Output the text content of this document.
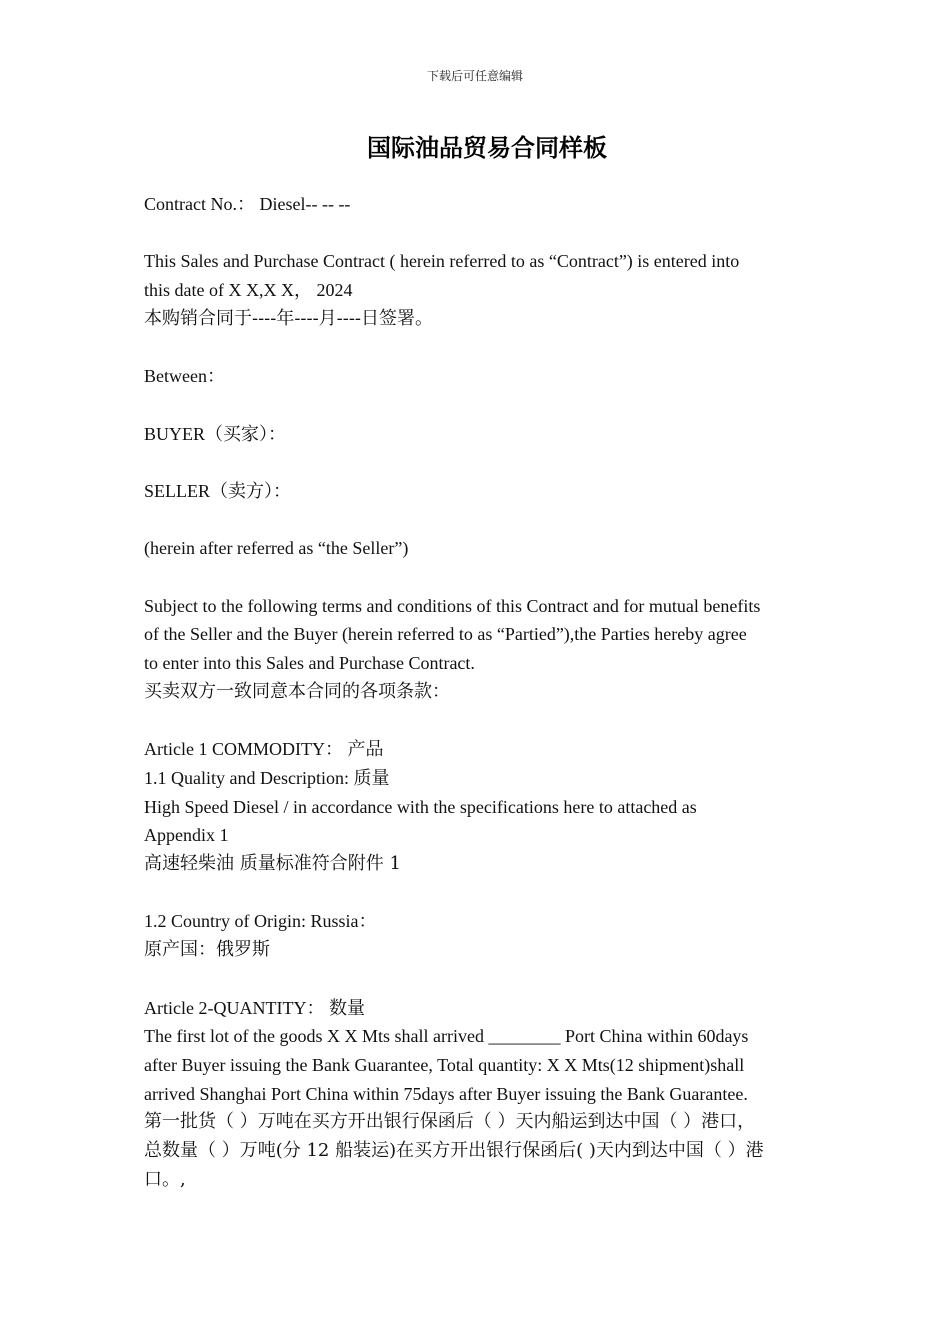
下载后可任意编辑

国际油品贸易合同样板

Contract No.： Diesel-- -- --

This Sales and Purchase Contract ( herein referred to as “Contract”) is entered into

this date of X X,X X， 2024

本购销合同于----年----月----日签署。

Between：

BUYER（买家）：

SELLER（卖方）：

(herein after referred as “the Seller”)

Subject to the following terms and conditions of this Contract and for mutual benefits

of the Seller and the Buyer (herein referred to as “Partied”),the Parties hereby agree

to enter into this Sales and Purchase Contract.

买卖双方一致同意本合同的各项条款：

Article 1 COMMODITY： 产品

1.1 Quality and Description: 质量

High Speed Diesel / in accordance with the specifications here to attached as

Appendix 1

高速轻柴油 质量标准符合附件 1

1.2 Country of Origin: Russia：

原产国：俄罗斯

Article 2-QUANTITY： 数量

The first lot of the goods X X Mts shall arrived ________ Port China within 60days

after Buyer issuing the Bank Guarantee, Total quantity: X X Mts(12 shipment)shall

arrived Shanghai Port China within 75days after Buyer issuing the Bank Guarantee.

第一批货（ ）万吨在买方开出银行保函后（ ）天内船运到达中国（ ）港口，

总数量（ ）万吨(分 12 船装运)在买方开出银行保函后( )天内到达中国（ ）港

口。,
